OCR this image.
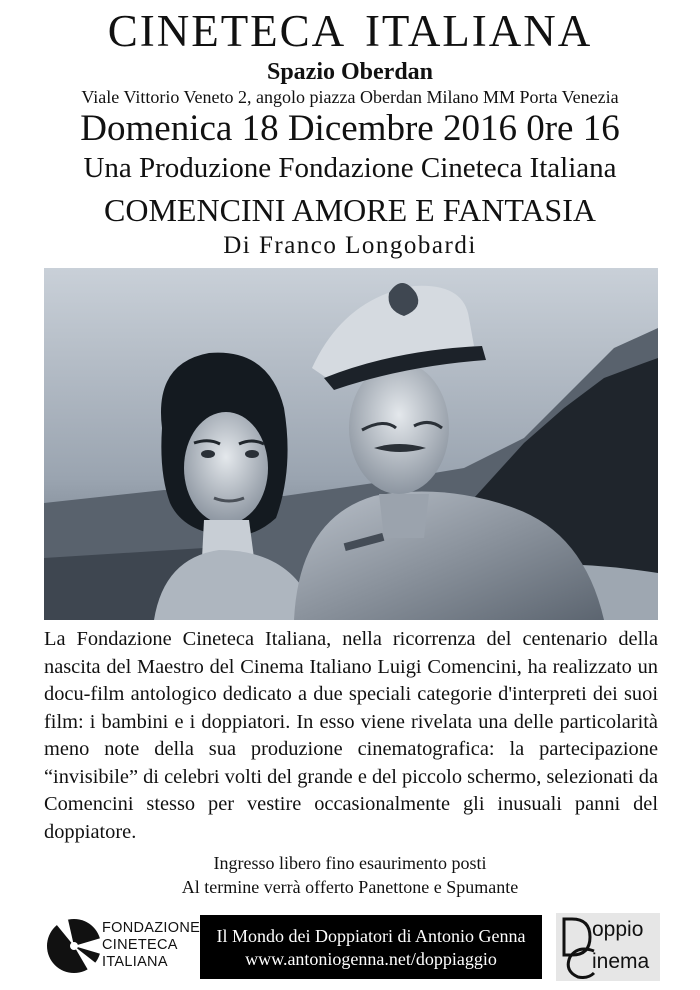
CINETECA ITALIANA
Spazio Oberdan
Viale Vittorio Veneto 2, angolo piazza Oberdan Milano MM Porta Venezia
Domenica 18 Dicembre 2016 0re 16
Una Produzione Fondazione Cineteca Italiana
COMENCINI AMORE E FANTASIA
Di Franco Longobardi
La Fondazione Cineteca Italiana, nella ricorrenza del centenario della nascita del Maestro del Cinema Italiano Luigi Comencini, ha realizzato un docu-film antologico dedicato a due speciali categorie d'interpreti dei suoi film: i bambini e i doppiatori. In esso viene rivelata una delle particolarità meno note della sua produzione cinematografica: la partecipazione “invisibile” di celebri volti del grande e del piccolo schermo, selezionati da Comencini stesso per vestire occasionalmente gli inusuali panni del doppiatore.
Ingresso libero fino esaurimento posti
Al termine verrà offerto Panettone e Spumante
FONDAZIONE
CINETECA
ITALIANA
Il Mondo dei Doppiatori di Antonio Genna
www.antoniogenna.net/doppiaggio
oppio
inema
